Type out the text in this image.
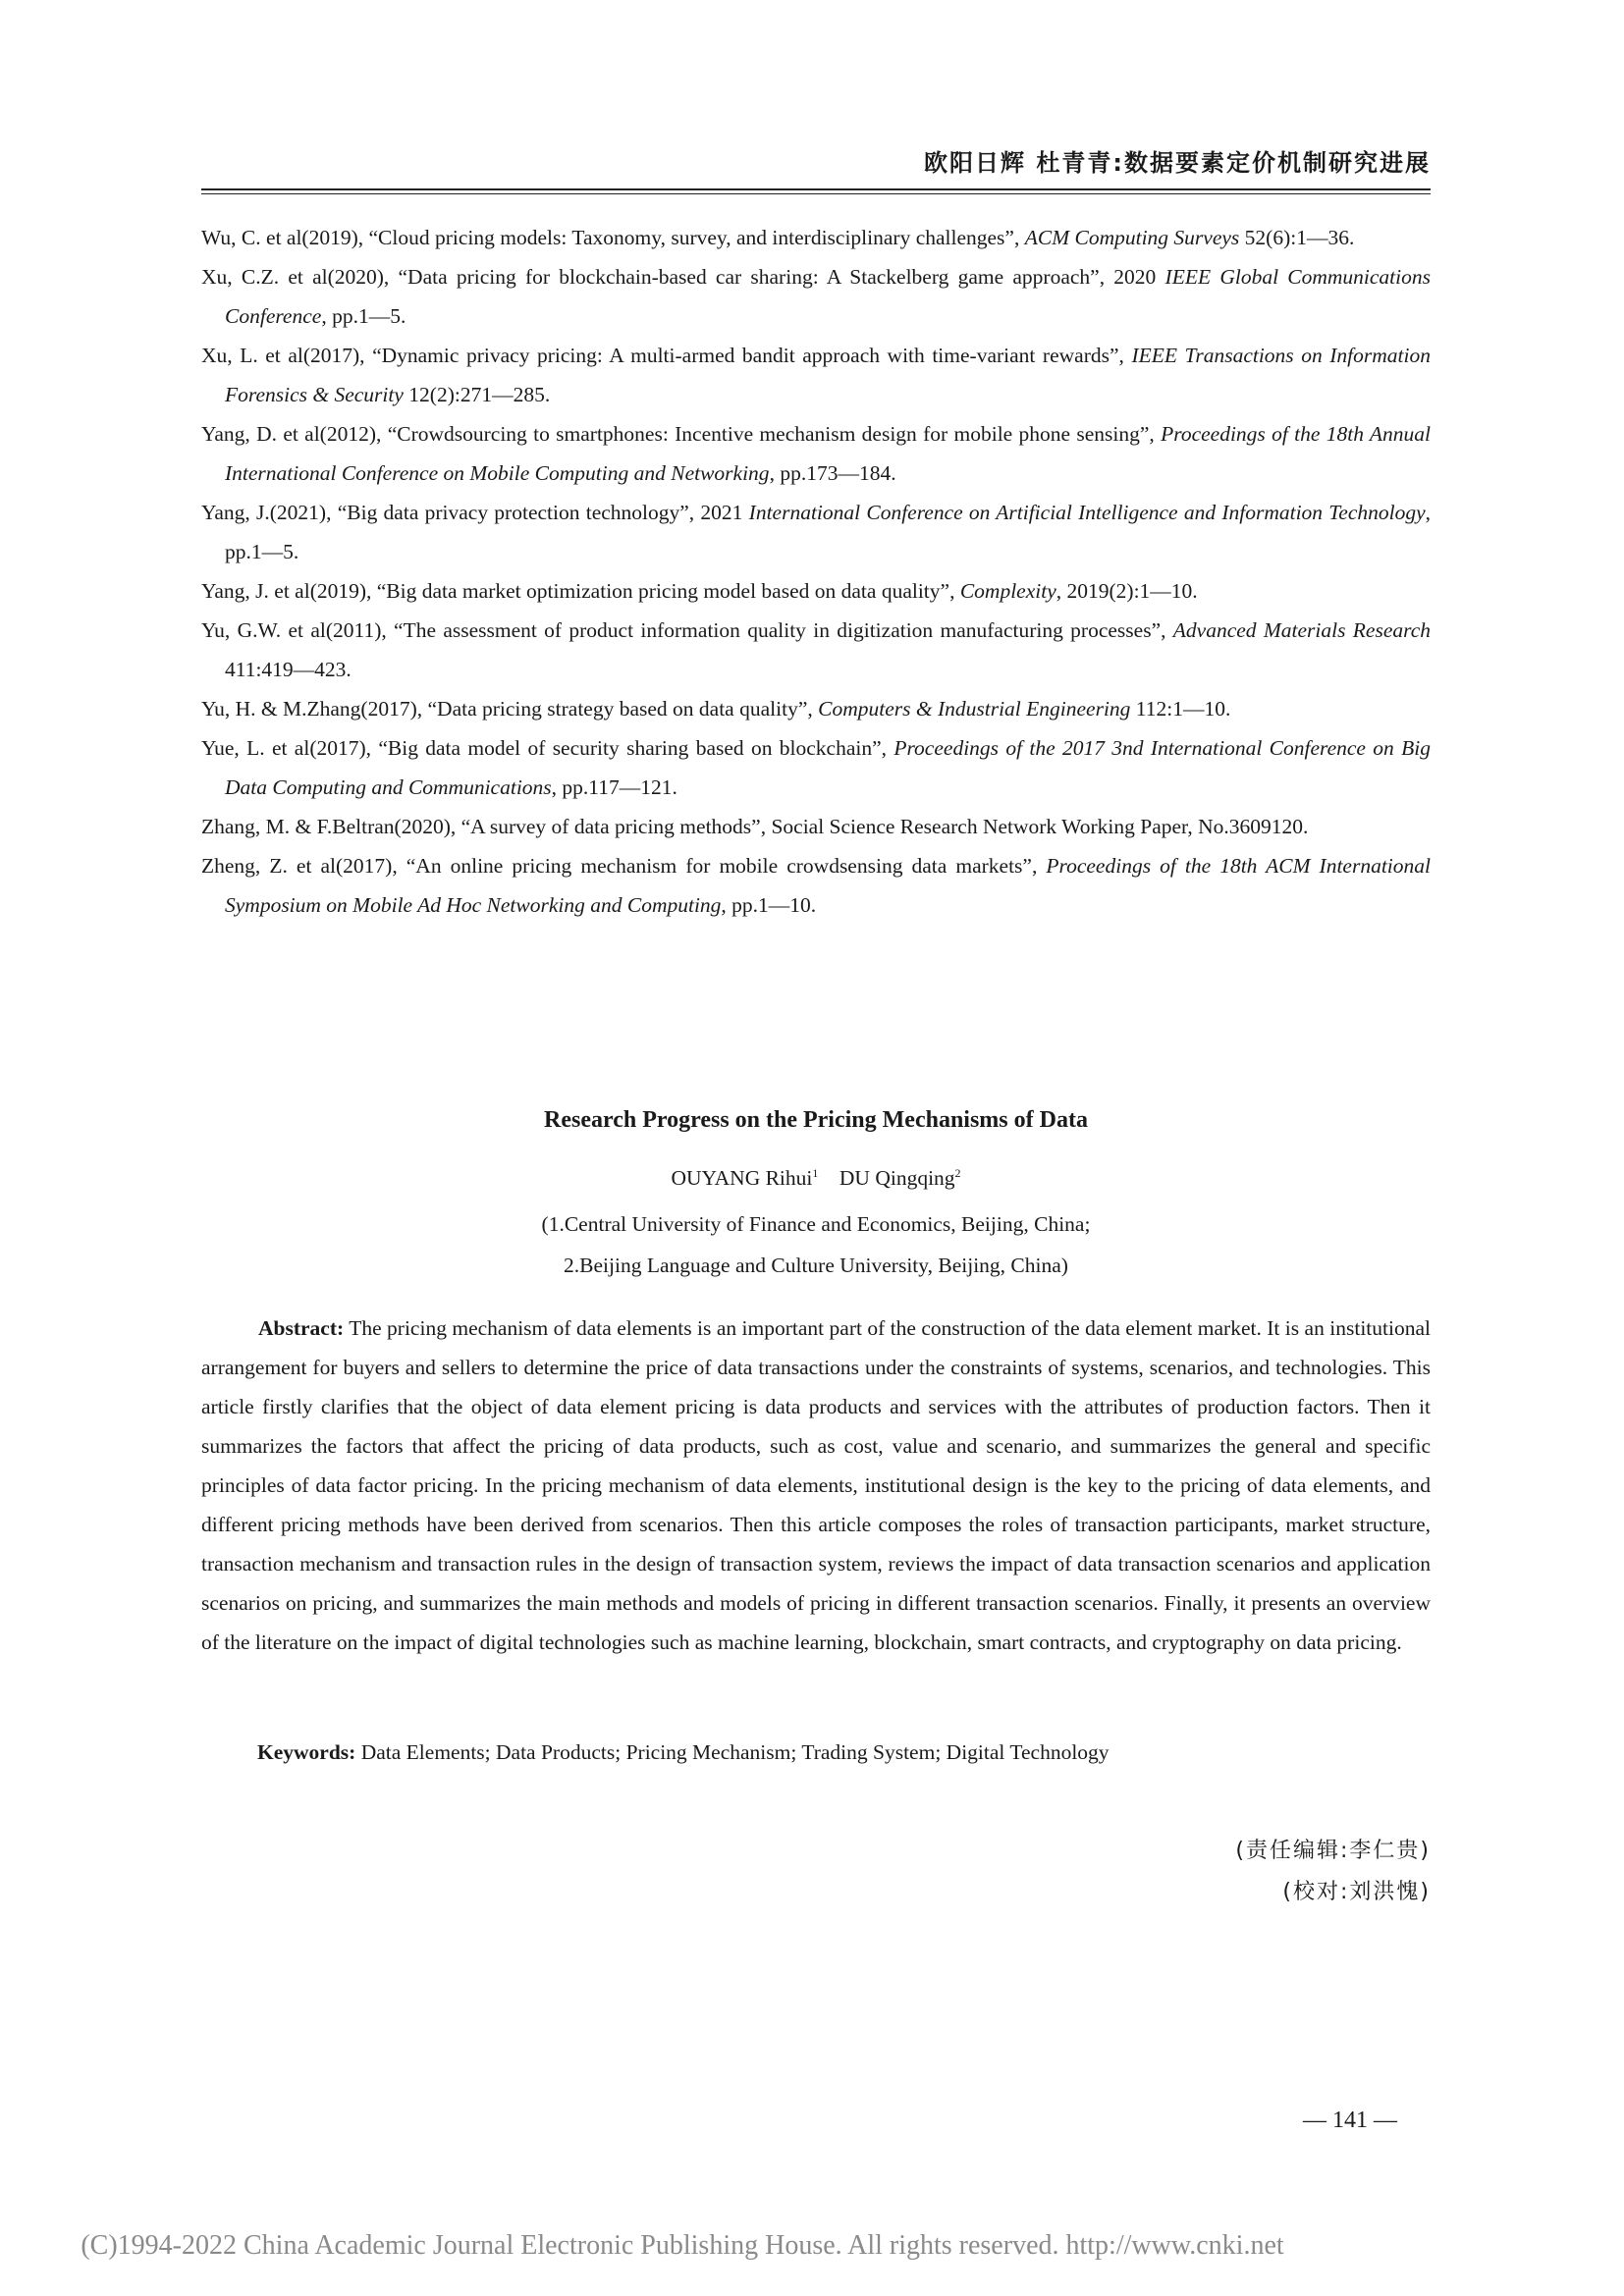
欧阳日辉 杜青青:数据要素定价机制研究进展
Wu, C. et al(2019), “Cloud pricing models: Taxonomy, survey, and interdisciplinary challenges”, ACM Computing Surveys 52(6):1—36.
Xu, C.Z. et al(2020), “Data pricing for blockchain-based car sharing: A Stackelberg game approach”, 2020 IEEE Global Communications Conference, pp.1—5.
Xu, L. et al(2017), “Dynamic privacy pricing: A multi-armed bandit approach with time-variant rewards”, IEEE Transactions on Information Forensics & Security 12(2):271—285.
Yang, D. et al(2012), “Crowdsourcing to smartphones: Incentive mechanism design for mobile phone sensing”, Proceedings of the 18th Annual International Conference on Mobile Computing and Networking, pp.173—184.
Yang, J.(2021), “Big data privacy protection technology”, 2021 International Conference on Artificial Intelligence and Information Technology, pp.1—5.
Yang, J. et al(2019), “Big data market optimization pricing model based on data quality”, Complexity, 2019(2):1—10.
Yu, G.W. et al(2011), “The assessment of product information quality in digitization manufacturing processes”, Advanced Materials Research 411:419—423.
Yu, H. & M.Zhang(2017), “Data pricing strategy based on data quality”, Computers & Industrial Engineering 112:1—10.
Yue, L. et al(2017), “Big data model of security sharing based on blockchain”, Proceedings of the 2017 3nd International Conference on Big Data Computing and Communications, pp.117—121.
Zhang, M. & F.Beltran(2020), “A survey of data pricing methods”, Social Science Research Network Working Paper, No.3609120.
Zheng, Z. et al(2017), “An online pricing mechanism for mobile crowdsensing data markets”, Proceedings of the 18th ACM International Symposium on Mobile Ad Hoc Networking and Computing, pp.1—10.
Research Progress on the Pricing Mechanisms of Data
OUYANG Rihui$^1$ DU Qingqing$^2$
(1.Central University of Finance and Economics, Beijing, China;
2.Beijing Language and Culture University, Beijing, China)
Abstract: The pricing mechanism of data elements is an important part of the construction of the data element market. It is an institutional arrangement for buyers and sellers to determine the price of data transactions under the constraints of systems, scenarios, and technologies. This article firstly clarifies that the object of data element pricing is data products and services with the attributes of production factors. Then it summarizes the factors that affect the pricing of data products, such as cost, value and scenario, and summarizes the general and specific principles of data factor pricing. In the pricing mechanism of data elements, institutional design is the key to the pricing of data elements, and different pricing methods have been derived from scenarios. Then this article composes the roles of transaction participants, market structure, transaction mechanism and transaction rules in the design of transaction system, reviews the impact of data transaction scenarios and application scenarios on pricing, and summarizes the main methods and models of pricing in different transaction scenarios. Finally, it presents an overview of the literature on the impact of digital technologies such as machine learning, blockchain, smart contracts, and cryptography on data pricing.
Keywords: Data Elements; Data Products; Pricing Mechanism; Trading System; Digital Technology
(责任编辑:李仁贵)
(校对:刘洪愧)
— 141 —
(C)1994-2022 China Academic Journal Electronic Publishing House. All rights reserved. http://www.cnki.net
